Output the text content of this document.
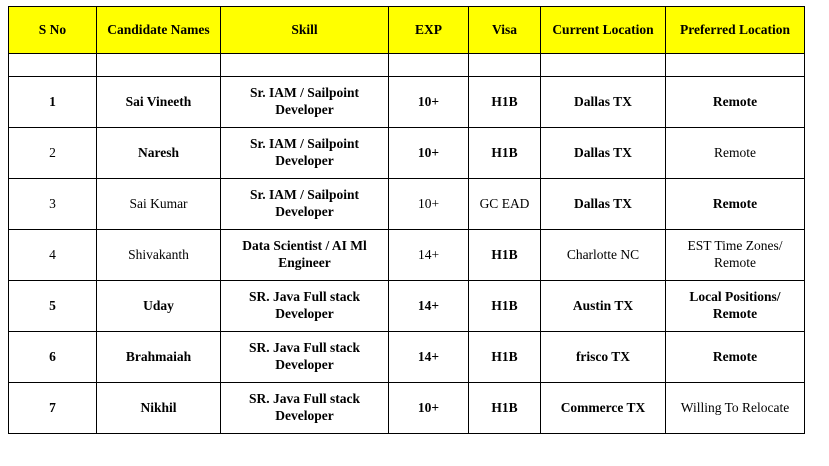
S No	Candidate Names	Skill	EXP	Visa	Current Location	Preferred Location

1	Sai Vineeth	Sr. IAM / Sailpoint Developer	10+	H1B	Dallas TX	Remote
2	Naresh	Sr. IAM / Sailpoint Developer	10+	H1B	Dallas TX	Remote
3	Sai Kumar	Sr. IAM / Sailpoint Developer	10+	GC EAD	Dallas TX	Remote
4	Shivakanth	Data Scientist / AI Ml Engineer	14+	H1B	Charlotte NC	EST Time Zones/ Remote
5	Uday	SR. Java Full stack Developer	14+	H1B	Austin TX	Local Positions/ Remote
6	Brahmaiah	SR. Java Full stack Developer	14+	H1B	frisco TX	Remote
7	Nikhil	SR. Java Full stack Developer	10+	H1B	Commerce TX	Willing To Relocate
